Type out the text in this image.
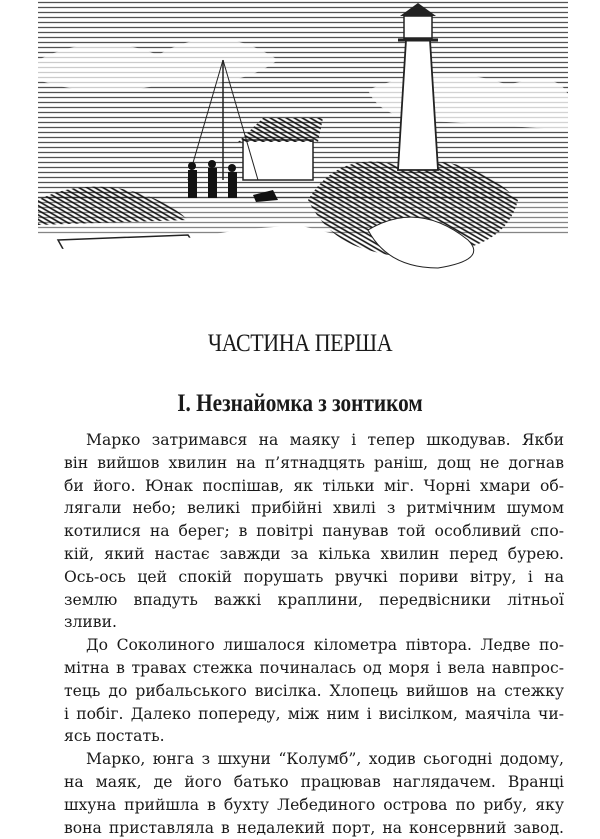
ЧАСТИНА ПЕРША
I. Незнайомка з зонтиком
Марко затримався на маяку і тепер шкодував. Якби
він вийшов хвилин на п’ятнадцять раніш, дощ не догнав
би його. Юнак поспішав, як тільки міг. Чорні хмари об-
лягали небо; великі прибійні хвилі з ритмічним шумом
котилися на берег; в повітрі панував той особливий спо-
кій, який настає завжди за кілька хвилин перед бурею.
Ось-ось цей спокій порушать рвучкі пориви вітру, і на
землю впадуть важкі краплини, передвісники літньої
зливи.
До Соколиного лишалося кілометра півтора. Ледве по-
мітна в травах стежка починалась од моря і вела навпрос-
тець до рибальського висілка. Хлопець вийшов на стежку
і побіг. Далеко попереду, між ним і висілком, маячіла чи-
ясь постать.
Марко, юнга з шхуни “Колумб”, ходив сьогодні додому,
на маяк, де його батько працював наглядачем. Вранці
шхуна прийшла в бухту Лебединого острова по рибу, яку
вона приставляла в недалекий порт, на консервний завод.
